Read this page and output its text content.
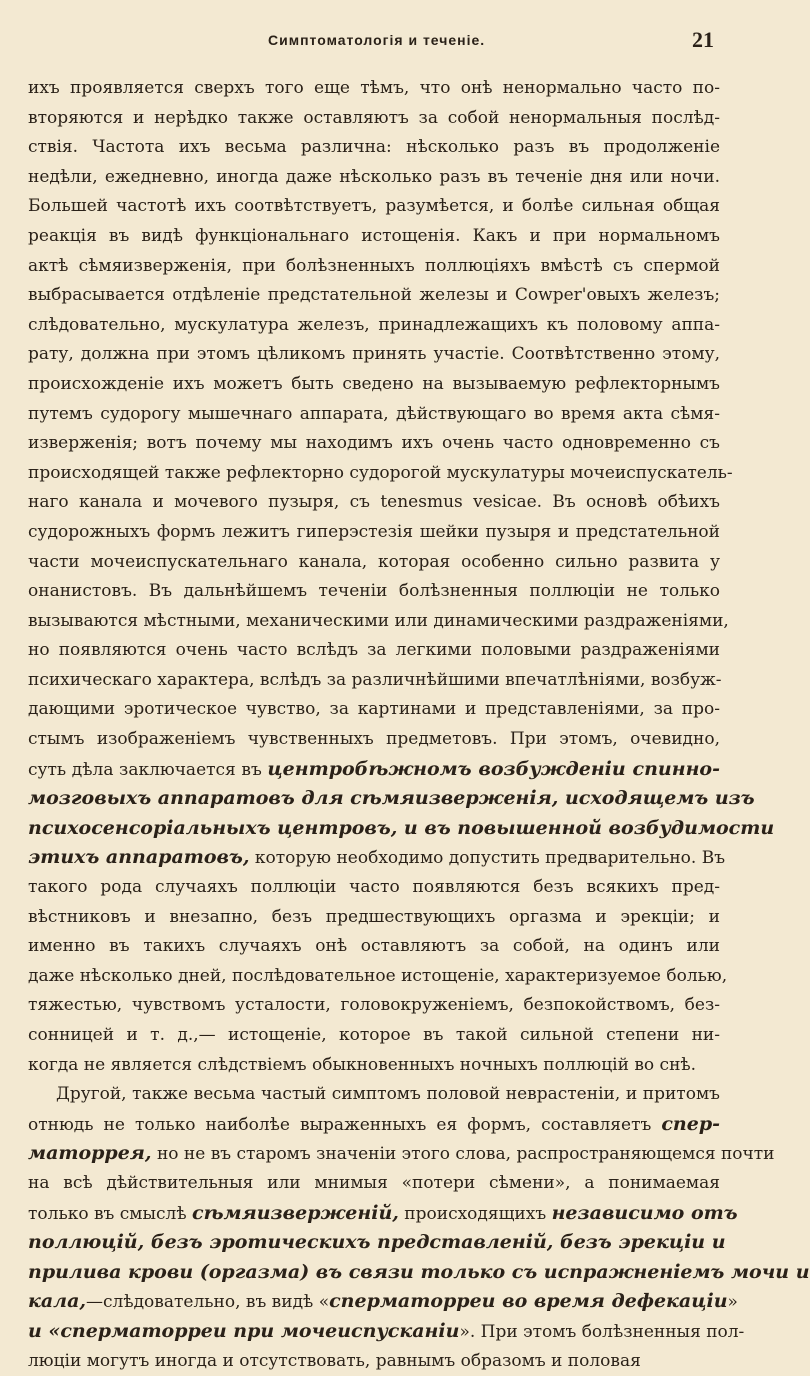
Симптоматологія и теченіе.	21
ихъ проявляется сверхъ того еще тѣмъ, что онѣ ненормально часто по-
вторяются и нерѣдко также оставляютъ за собой ненормальныя послѣд-
ствія. Частота ихъ весьма различна: нѣсколько разъ въ продолженіе
недѣли, ежедневно, иногда даже нѣсколько разъ въ теченіе дня или ночи.
Большей частотѣ ихъ соотвѣтствуетъ, разумѣется, и болѣе сильная общая
реакція въ видѣ функціональнаго истощенія. Какъ и при нормальномъ
актѣ сѣмяизверженія, при болѣзненныхъ поллюціяхъ вмѣстѣ съ спермой
выбрасывается отдѣленіе предстательной железы и Cowper'овыхъ железъ;
слѣдовательно, мускулатура железъ, принадлежащихъ къ половому аппа-
рату, должна при этомъ цѣликомъ принять участіе. Соотвѣтственно этому,
происхожденіе ихъ можетъ быть сведено на вызываемую рефлекторнымъ
путемъ судорогу мышечнаго аппарата, дѣйствующаго во время акта сѣмя-
изверженія; вотъ почему мы находимъ ихъ очень часто одновременно съ
происходящей также рефлекторно судорогой мускулатуры мочеиспускатель-
наго канала и мочевого пузыря, съ tenesmus vesicae. Въ основѣ обѣихъ
судорожныхъ формъ лежитъ гиперэстезія шейки пузыря и предстательной
части мочеиспускательнаго канала, которая особенно сильно развита у
онанистовъ. Въ дальнѣйшемъ теченіи болѣзненныя поллюціи не только
вызываются мѣстными, механическими или динамическими раздраженіями,
но появляются очень часто вслѣдъ за легкими половыми раздраженіями
психическаго характера, вслѣдъ за различнѣйшими впечатлѣніями, возбуж-
дающими эротическое чувство, за картинами и представленіями, за про-
стымъ изображеніемъ чувственныхъ предметовъ. При этомъ, очевидно,
суть дѣла заключается въ центробѣжномъ возбужденіи спинно-
мозговыхъ аппаратовъ для сѣмяизверженія, исходящемъ изъ
психосенсоріальныхъ центровъ, и въ повышенной возбудимости
этихъ аппаратовъ, которую необходимо допустить предварительно. Въ
такого рода случаяхъ поллюціи часто появляются безъ всякихъ пред-
вѣстниковъ и внезапно, безъ предшествующихъ оргазма и эрекціи; и
именно въ такихъ случаяхъ онѣ оставляютъ за собой, на одинъ или
даже нѣсколько дней, послѣдовательное истощеніе, характеризуемое болью,
тяжестью, чувствомъ усталости, головокруженіемъ, безпокойствомъ, без-
сонницей и т. д.,— истощеніе, которое въ такой сильной степени ни-
когда не является слѣдствіемъ обыкновенныхъ ночныхъ поллюцій во снѣ.
Другой, также весьма частый симптомъ половой неврастеніи, и притомъ
отнюдь не только наиболѣе выраженныхъ ея формъ, составляетъ спер-
маторрея, но не въ старомъ значеніи этого слова, распространяющемся почти
на всѣ дѣйствительныя или мнимыя «потери сѣмени», а понимаемая
только въ смыслѣ сѣмяизверженій, происходящихъ независимо отъ
поллюцій, безъ эротическихъ представленій, безъ эрекціи и
прилива крови (оргазма) въ связи только съ испражненіемъ мочи и
кала,—слѣдовательно, въ видѣ «сперматорреи во время дефекаціи»
и «сперматорреи при мочеиспусканіи». При этомъ болѣзненныя пол-
люціи могутъ иногда и отсутствовать, равнымъ образомъ и половая
